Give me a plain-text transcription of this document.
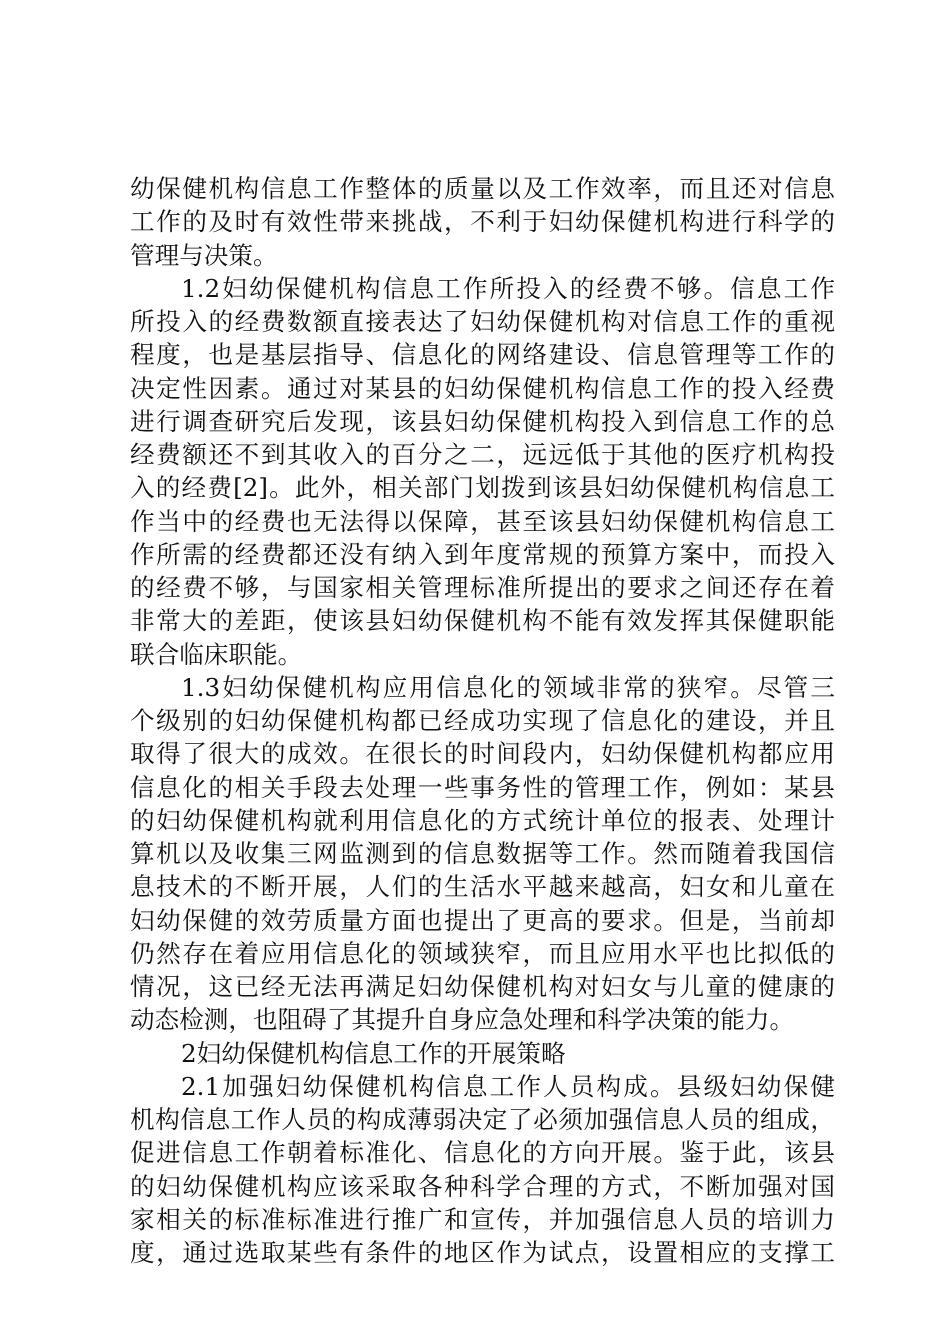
幼保健机构信息工作整体的质量以及工作效率，而且还对信息
工作的及时有效性带来挑战，不利于妇幼保健机构进行科学的
管理与决策。
1.2妇幼保健机构信息工作所投入的经费不够。信息工作
所投入的经费数额直接表达了妇幼保健机构对信息工作的重视
程度，也是基层指导、信息化的网络建设、信息管理等工作的
决定性因素。通过对某县的妇幼保健机构信息工作的投入经费
进行调查研究后发现，该县妇幼保健机构投入到信息工作的总
经费额还不到其收入的百分之二，远远低于其他的医疗机构投
入的经费[2]。此外，相关部门划拨到该县妇幼保健机构信息工
作当中的经费也无法得以保障，甚至该县妇幼保健机构信息工
作所需的经费都还没有纳入到年度常规的预算方案中，而投入
的经费不够，与国家相关管理标准所提出的要求之间还存在着
非常大的差距，使该县妇幼保健机构不能有效发挥其保健职能
联合临床职能。
1.3妇幼保健机构应用信息化的领域非常的狭窄。尽管三
个级别的妇幼保健机构都已经成功实现了信息化的建设，并且
取得了很大的成效。在很长的时间段内，妇幼保健机构都应用
信息化的相关手段去处理一些事务性的管理工作，例如：某县
的妇幼保健机构就利用信息化的方式统计单位的报表、处理计
算机以及收集三网监测到的信息数据等工作。然而随着我国信
息技术的不断开展，人们的生活水平越来越高，妇女和儿童在
妇幼保健的效劳质量方面也提出了更高的要求。但是，当前却
仍然存在着应用信息化的领域狭窄，而且应用水平也比拟低的
情况，这已经无法再满足妇幼保健机构对妇女与儿童的健康的
动态检测，也阻碍了其提升自身应急处理和科学决策的能力。
2妇幼保健机构信息工作的开展策略
2.1加强妇幼保健机构信息工作人员构成。县级妇幼保健
机构信息工作人员的构成薄弱决定了必须加强信息人员的组成，
促进信息工作朝着标准化、信息化的方向开展。鉴于此，该县
的妇幼保健机构应该采取各种科学合理的方式，不断加强对国
家相关的标准标准进行推广和宣传，并加强信息人员的培训力
度，通过选取某些有条件的地区作为试点，设置相应的支撑工
